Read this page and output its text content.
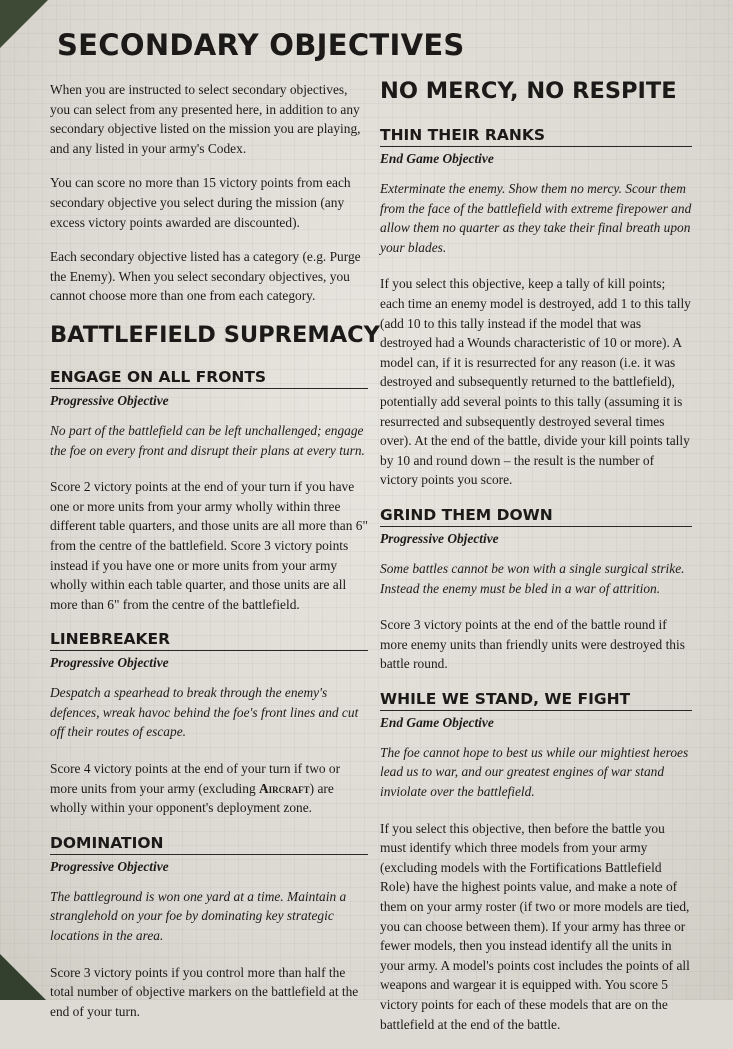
SECONDARY OBJECTIVES

When you are instructed to select secondary objectives, you can select from any presented here, in addition to any secondary objective listed on the mission you are playing, and any listed in your army's Codex.

You can score no more than 15 victory points from each secondary objective you select during the mission (any excess victory points awarded are discounted).

Each secondary objective listed has a category (e.g. Purge the Enemy). When you select secondary objectives, you cannot choose more than one from each category.

BATTLEFIELD SUPREMACY
ENGAGE ON ALL FRONTS
Progressive Objective

No part of the battlefield can be left unchallenged; engage the foe on every front and disrupt their plans at every turn.

Score 2 victory points at the end of your turn if you have one or more units from your army wholly within three different table quarters, and those units are all more than 6" from the centre of the battlefield. Score 3 victory points instead if you have one or more units from your army wholly within each table quarter, and those units are all more than 6" from the centre of the battlefield.

LINEBREAKER
Progressive Objective

Despatch a spearhead to break through the enemy's defences, wreak havoc behind the foe's front lines and cut off their routes of escape.

Score 4 victory points at the end of your turn if two or more units from your army (excluding Aircraft) are wholly within your opponent's deployment zone.

DOMINATION
Progressive Objective

The battleground is won one yard at a time. Maintain a stranglehold on your foe by dominating key strategic locations in the area.

Score 3 victory points if you control more than half the total number of objective markers on the battlefield at the end of your turn.

NO MERCY, NO RESPITE
THIN THEIR RANKS
End Game Objective

Exterminate the enemy. Show them no mercy. Scour them from the face of the battlefield with extreme firepower and allow them no quarter as they take their final breath upon your blades.

If you select this objective, keep a tally of kill points; each time an enemy model is destroyed, add 1 to this tally (add 10 to this tally instead if the model that was destroyed had a Wounds characteristic of 10 or more). A model can, if it is resurrected for any reason (i.e. it was destroyed and subsequently returned to the battlefield), potentially add several points to this tally (assuming it is resurrected and subsequently destroyed several times over). At the end of the battle, divide your kill points tally by 10 and round down – the result is the number of victory points you score.

GRIND THEM DOWN
Progressive Objective

Some battles cannot be won with a single surgical strike. Instead the enemy must be bled in a war of attrition.

Score 3 victory points at the end of the battle round if more enemy units than friendly units were destroyed this battle round.

WHILE WE STAND, WE FIGHT
End Game Objective

The foe cannot hope to best us while our mightiest heroes lead us to war, and our greatest engines of war stand inviolate over the battlefield.

If you select this objective, then before the battle you must identify which three models from your army (excluding models with the Fortifications Battlefield Role) have the highest points value, and make a note of them on your army roster (if two or more models are tied, you can choose between them). If your army has three or fewer models, then you instead identify all the units in your army. A model's points cost includes the points of all weapons and wargear it is equipped with. You score 5 victory points for each of these models that are on the battlefield at the end of the battle.
